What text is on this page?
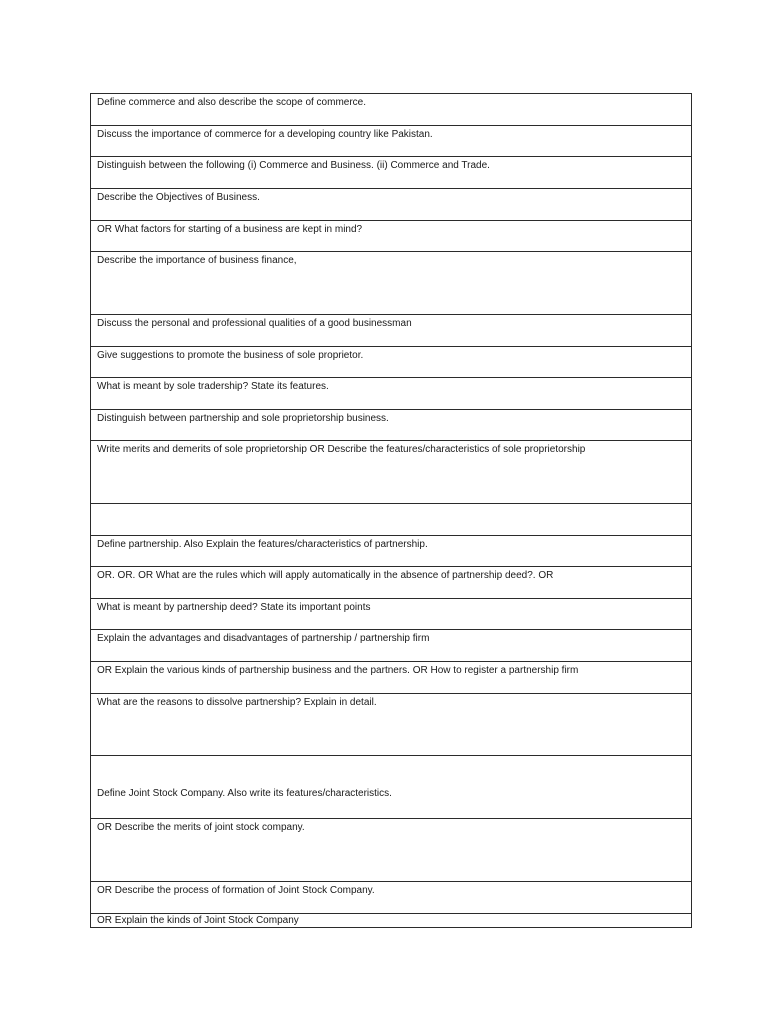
Define commerce and also describe the scope of commerce.
Discuss the importance of commerce for a developing country like Pakistan.
Distinguish between the following (i) Commerce and Business. (ii) Commerce and Trade.
Describe the Objectives of Business.
OR What factors for starting of a business are kept in mind?
Describe the importance of business finance,
Discuss the personal and professional qualities of a good businessman
Give suggestions to promote the business of sole proprietor.
What is meant by sole tradership? State its features.
Distinguish between partnership and sole proprietorship business.
Write merits and demerits of sole proprietorship OR Describe the features/characteristics of sole proprietorship
Define partnership. Also Explain the features/characteristics of partnership.
OR. OR. OR What are the rules which will apply automatically in the absence of partnership deed?. OR
What is meant by partnership deed? State its important points
Explain the advantages and disadvantages of partnership / partnership firm
OR Explain the various kinds of partnership business and the partners. OR How to register a partnership firm
What are the reasons to dissolve partnership? Explain in detail.
Define Joint Stock Company. Also write its features/characteristics.
OR Describe the merits of joint stock company.
OR Describe the process of formation of Joint Stock Company.
OR Explain the kinds of Joint Stock Company
